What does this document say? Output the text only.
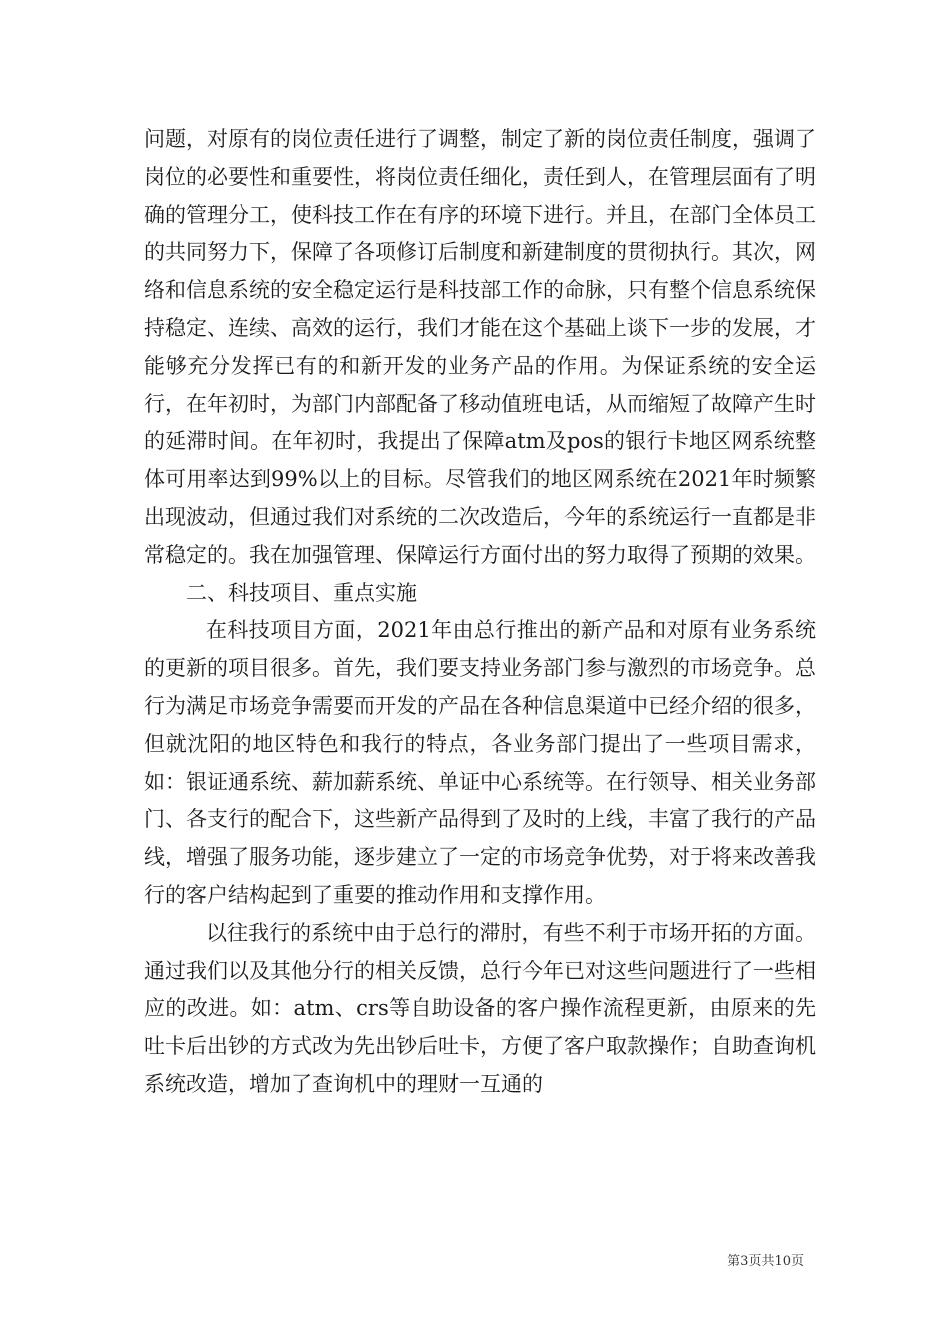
问题，对原有的岗位责任进行了调整，制定了新的岗位责任制度，强调了岗位的必要性和重要性，将岗位责任细化，责任到人，在管理层面有了明确的管理分工，使科技工作在有序的环境下进行。并且，在部门全体员工的共同努力下，保障了各项修订后制度和新建制度的贯彻执行。其次，网络和信息系统的安全稳定运行是科技部工作的命脉，只有整个信息系统保持稳定、连续、高效的运行，我们才能在这个基础上谈下一步的发展，才能够充分发挥已有的和新开发的业务产品的作用。为保证系统的安全运行，在年初时，为部门内部配备了移动值班电话，从而缩短了故障产生时的延滞时间。在年初时，我提出了保障atm及pos的银行卡地区网系统整体可用率达到99%以上的目标。尽管我们的地区网系统在2021年时频繁出现波动，但通过我们对系统的二次改造后，今年的系统运行一直都是非常稳定的。我在加强管理、保障运行方面付出的努力取得了预期的效果。

二、科技项目、重点实施

在科技项目方面，2021年由总行推出的新产品和对原有业务系统的更新的项目很多。首先，我们要支持业务部门参与激烈的市场竞争。总行为满足市场竞争需要而开发的产品在各种信息渠道中已经介绍的很多，但就沈阳的地区特色和我行的特点，各业务部门提出了一些项目需求，如：银证通系统、薪加薪系统、单证中心系统等。在行领导、相关业务部门、各支行的配合下，这些新产品得到了及时的上线，丰富了我行的产品线，增强了服务功能，逐步建立了一定的市场竞争优势，对于将来改善我行的客户结构起到了重要的推动作用和支撑作用。

以往我行的系统中由于总行的滞肘，有些不利于市场开拓的方面。通过我们以及其他分行的相关反馈，总行今年已对这些问题进行了一些相应的改进。如：atm、crs等自助设备的客户操作流程更新，由原来的先吐卡后出钞的方式改为先出钞后吐卡，方便了客户取款操作；自助查询机系统改造，增加了查询机中的理财一互通的

第3页共10页
